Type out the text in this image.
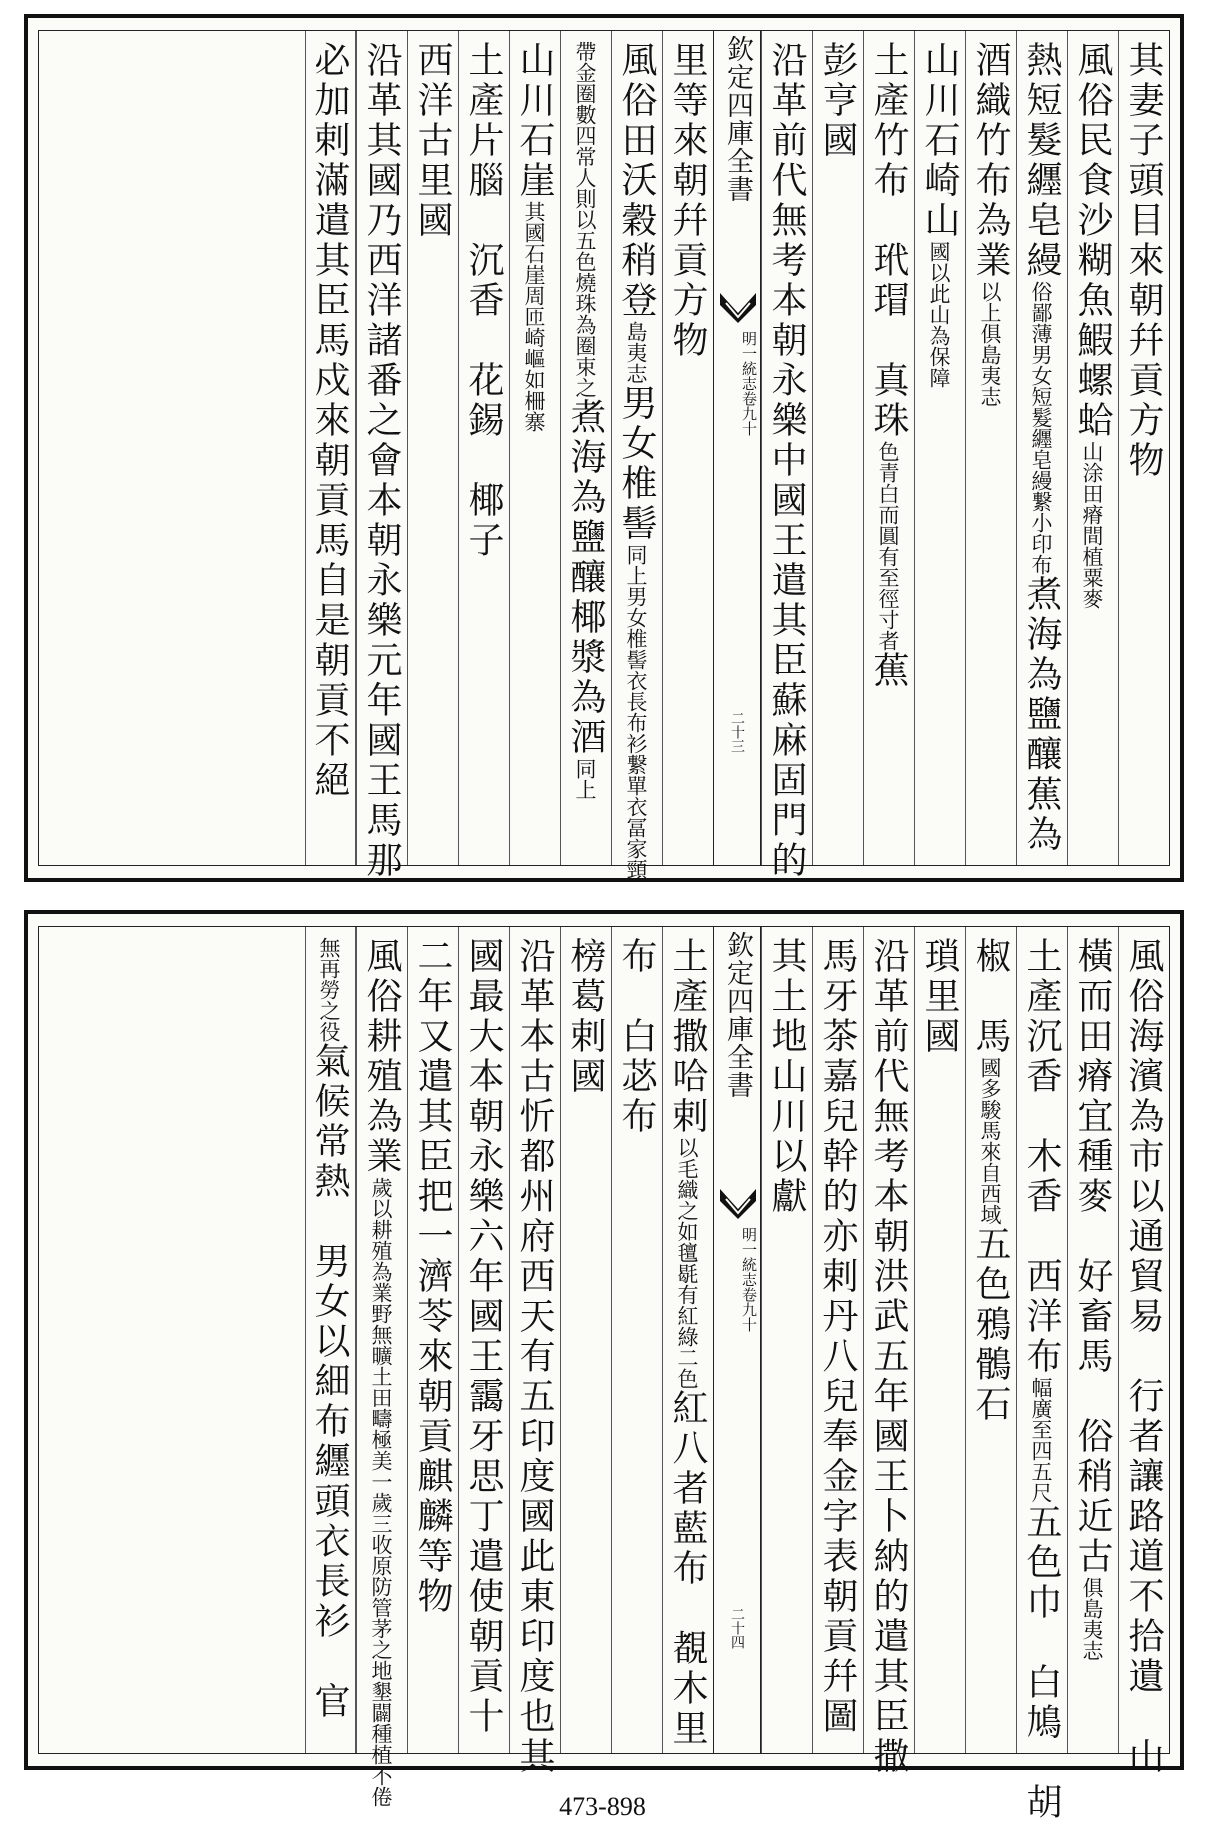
其妻子頭目來朝幷貢方物
風俗民食沙糊魚鰕螺蛤山涂田瘠間植粟麥
熱短髮纒皂縵俗鄙薄男女短髮纒皂縵繋小印布煮海為鹽釀蕉為
酒織竹布為業以上俱島夷志
山川石崎山國以此山為保障
土產竹布　玳瑁　真珠色青白而圓有至徑寸者蕉
彭亨國
沿革前代無考本朝永樂中國王遣其臣蘇麻固門的
欽定四庫全書
明一統志卷九十
二十三
里等來朝幷貢方物
風俗田沃穀稍登島夷志男女椎髻同上男女椎髻衣長布衫繋單衣冨家頸
帶金圈數四常人則以五色燒珠為圈束之煮海為鹽釀椰漿為酒同上
山川石崖其國石崖周匝崎嶇如柵寨
土產片腦　沉香　花錫　椰子
西洋古里國
沿革其國乃西洋諸番之會本朝永樂元年國王馬那
必加剌滿遣其臣馬戍來朝貢馬自是朝貢不絕
風俗海濱為市以通貿易　行者讓路道不拾遺　山
橫而田瘠宜種麥　好畜馬　俗稍近古俱島夷志
土產沉香　木香　西洋布幅廣至四五尺五色巾　白鳩　胡
椒　馬國多駿馬來自西域五色鴉鶻石
瑣里國
沿革前代無考本朝洪武五年國王卜納的遣其臣撒
馬牙茶嘉兒幹的亦剌丹八兒奉金字表朝貢幷圖
其土地山川以獻
欽定四庫全書
明一統志卷九十
二十四
土產撒哈剌以毛織之如氊毼有紅綠二色紅八者藍布　覩木里
布　白苾布
榜葛剌國
沿革本古忻都州府西天有五印度國此東印度也其
國最大本朝永樂六年國王靄牙思丁遣使朝貢十
二年又遣其臣把一濟苓來朝貢麒麟等物
風俗耕殖為業歲以耕殖為業野無曠土田疇極美一歲三收原防管茅之地墾闢種植不倦
無再勞之役氣候常熱　男女以細布纒頭衣長衫　官
473-898
